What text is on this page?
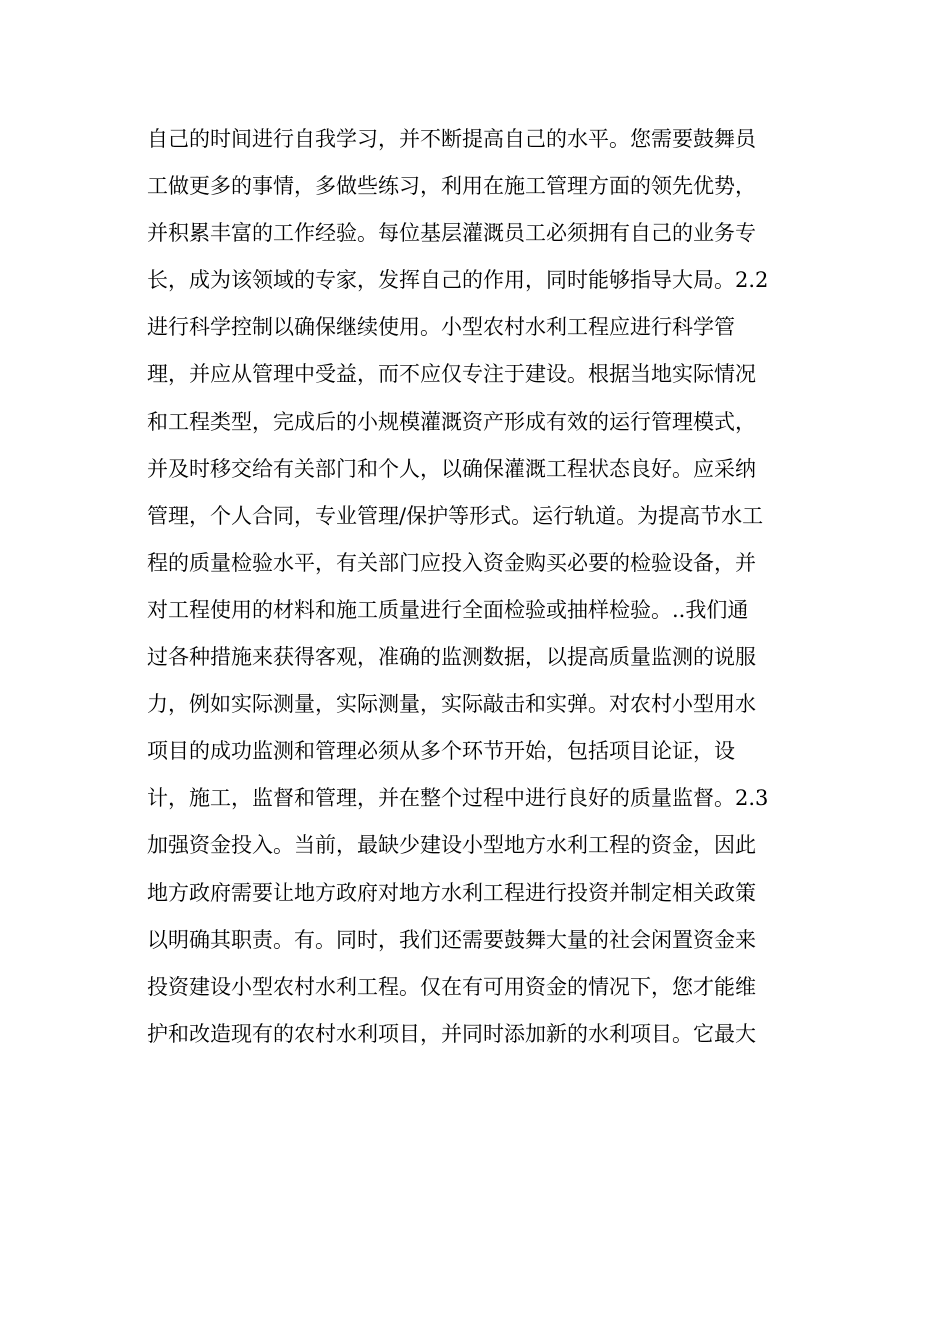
自己的时间进行自我学习，并不断提高自己的水平。您需要鼓舞员
工做更多的事情，多做些练习，利用在施工管理方面的领先优势，
并积累丰富的工作经验。每位基层灌溉员工必须拥有自己的业务专
长，成为该领域的专家，发挥自己的作用，同时能够指导大局。2.2
进行科学控制以确保继续使用。小型农村水利工程应进行科学管
理，并应从管理中受益，而不应仅专注于建设。根据当地实际情况
和工程类型，完成后的小规模灌溉资产形成有效的运行管理模式，
并及时移交给有关部门和个人，以确保灌溉工程状态良好。应采纳
管理，个人合同，专业管理/保护等形式。运行轨道。为提高节水工
程的质量检验水平，有关部门应投入资金购买必要的检验设备，并
对工程使用的材料和施工质量进行全面检验或抽样检验。..我们通
过各种措施来获得客观，准确的监测数据，以提高质量监测的说服
力，例如实际测量，实际测量，实际敲击和实弹。对农村小型用水
项目的成功监测和管理必须从多个环节开始，包括项目论证，设
计，施工，监督和管理，并在整个过程中进行良好的质量监督。2.3
加强资金投入。当前，最缺少建设小型地方水利工程的资金，因此
地方政府需要让地方政府对地方水利工程进行投资并制定相关政策
以明确其职责。有。同时，我们还需要鼓舞大量的社会闲置资金来
投资建设小型农村水利工程。仅在有可用资金的情况下，您才能维
护和改造现有的农村水利项目，并同时添加新的水利项目。它最大
